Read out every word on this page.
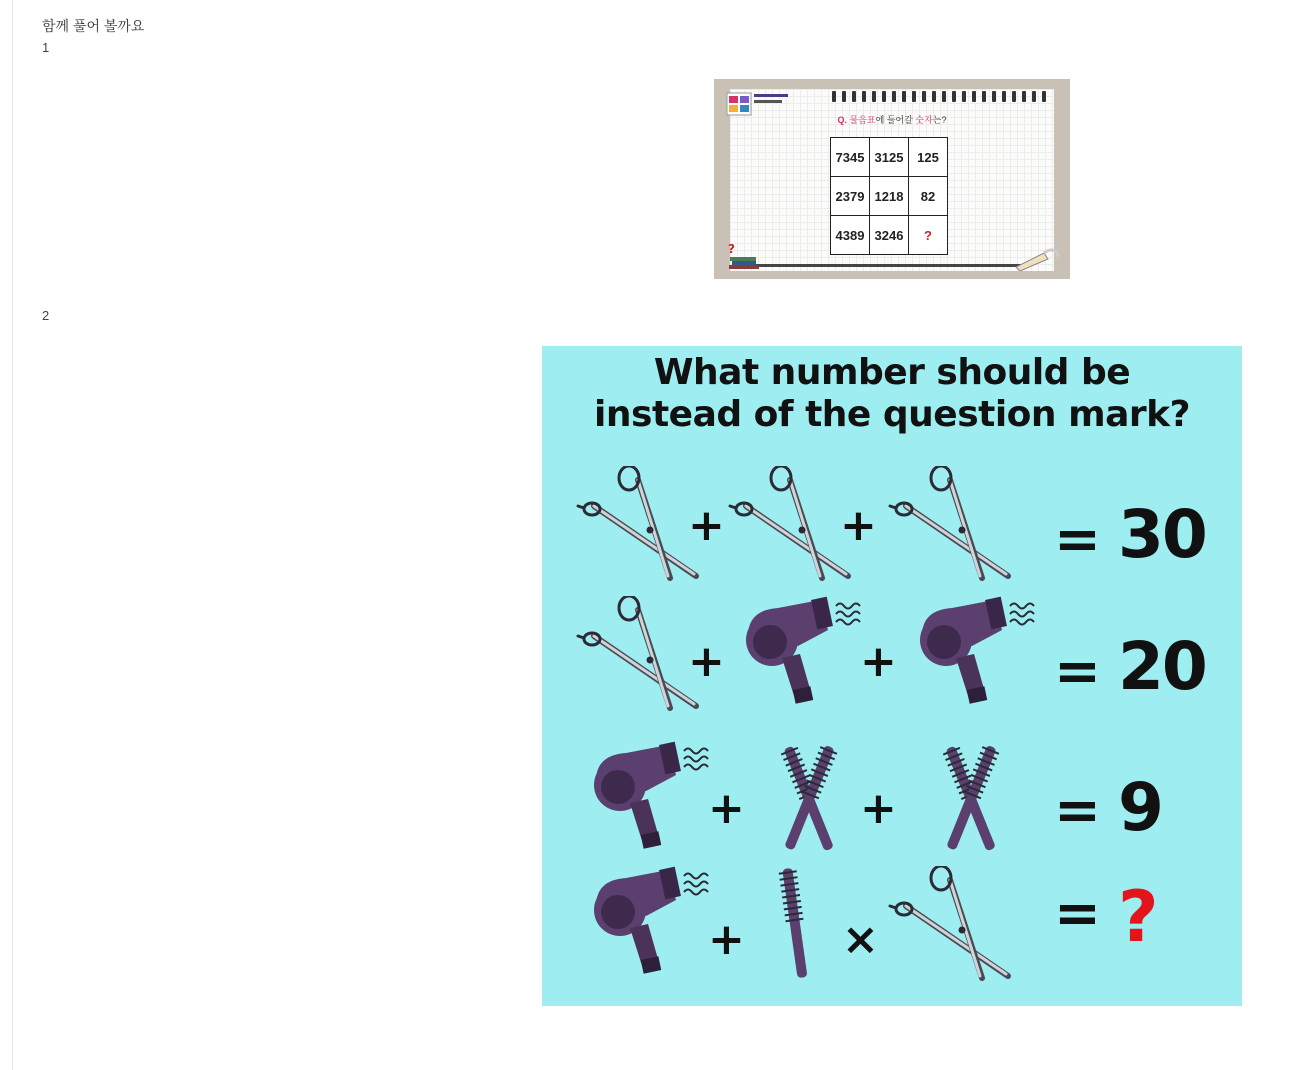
함께 풀어 볼까요
1
Q. 물음표에 들어갈 숫자는?
7345	3125	125
2379	1218	82
4389	3246	?
?
2
What number should be
instead of the question mark?
+	+	= 30
+	+	= 20
+	+	= 9
+ ×	= ?
